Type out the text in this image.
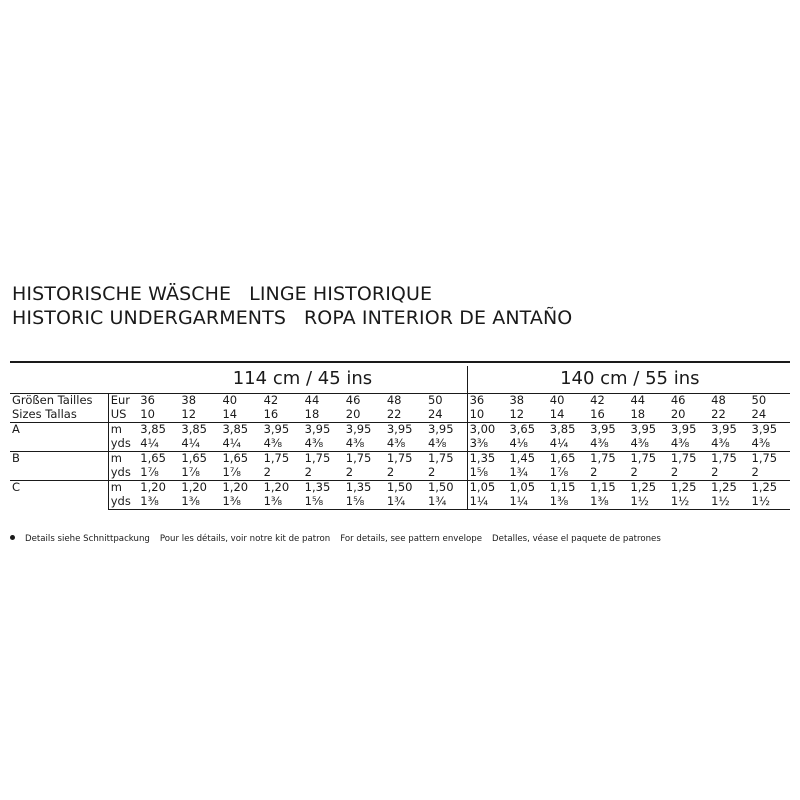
HISTORISCHE WÄSCHE LINGE HISTORIQUE
HISTORIC UNDERGARMENTS ROPA INTERIOR DE ANTAÑO
		114 cm / 45 ins								140 cm / 55 ins							
Größen Tailles	Eur	36	38	40	42	44	46	48	50	36	38	40	42	44	46	48	50
Sizes Tallas	US	10	12	14	16	18	20	22	24	10	12	14	16	18	20	22	24
A	m	3,85	3,85	3,85	3,95	3,95	3,95	3,95	3,95	3,00	3,65	3,85	3,95	3,95	3,95	3,95	3,95
	yds	4¼	4¼	4¼	4⅜	4⅜	4⅜	4⅜	4⅜	3⅜	4⅛	4¼	4⅜	4⅜	4⅜	4⅜	4⅜
B	m	1,65	1,65	1,65	1,75	1,75	1,75	1,75	1,75	1,35	1,45	1,65	1,75	1,75	1,75	1,75	1,75
	yds	1⅞	1⅞	1⅞	2	2	2	2	2	1⅝	1¾	1⅞	2	2	2	2	2
C	m	1,20	1,20	1,20	1,20	1,35	1,35	1,50	1,50	1,05	1,05	1,15	1,15	1,25	1,25	1,25	1,25
	yds	1⅜	1⅜	1⅜	1⅜	1⅝	1⅝	1¾	1¾	1¼	1¼	1⅜	1⅜	1½	1½	1½	1½
Details siehe Schnittpackung Pour les détails, voir notre kit de patron For details, see pattern envelope Detalles, véase el paquete de patrones
